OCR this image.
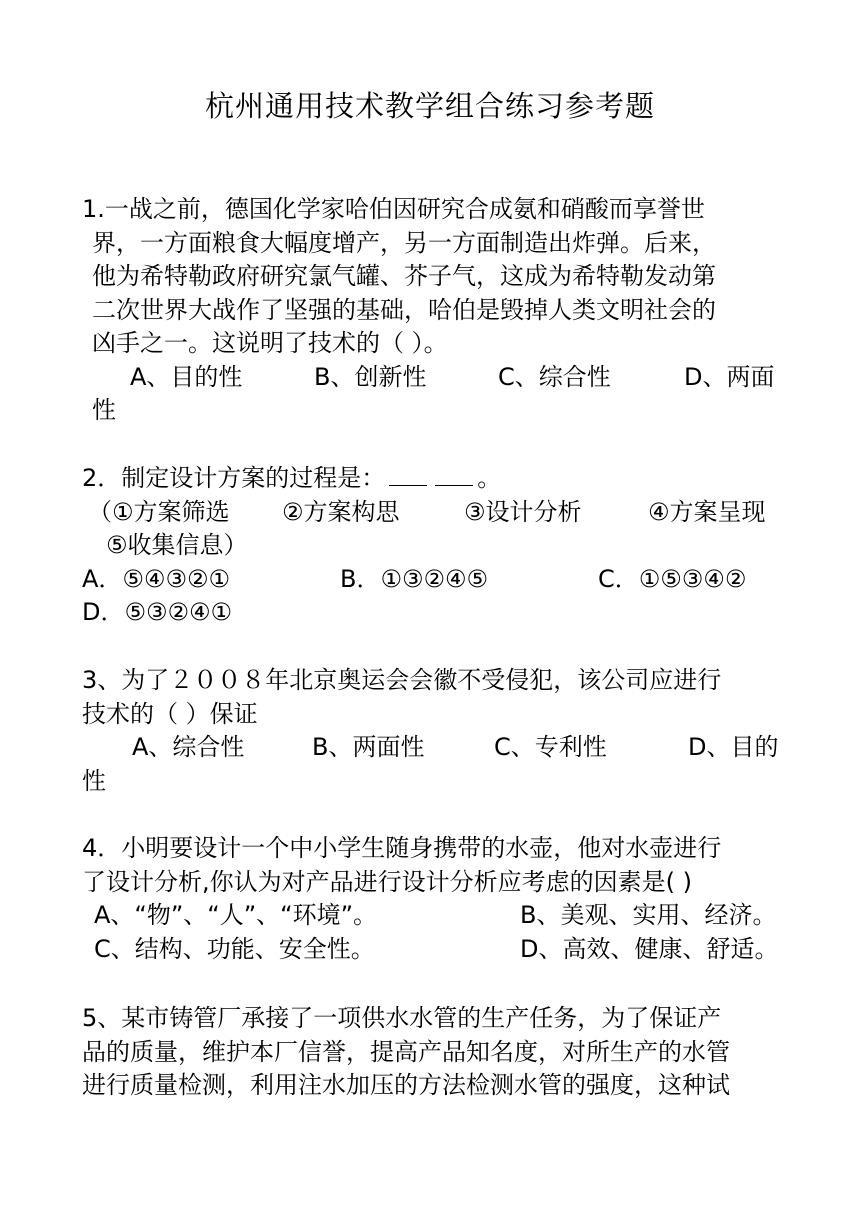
杭州通用技术教学组合练习参考题
1.一战之前，德国化学家哈伯因研究合成氨和硝酸而享誉世
界，一方面粮食大幅度增产，另一方面制造出炸弹。后来，
他为希特勒政府研究氯气罐、芥子气，这成为希特勒发动第
二次世界大战作了坚强的基础，哈伯是毁掉人类文明社会的
凶手之一。这说明了技术的（ ）。
A、目的性	B、创新性	C、综合性	D、两面
性
2．制定设计方案的过程是：	。
（①方案筛选 ②方案构思	③设计分析	④方案呈现
⑤收集信息）
A．⑤④③②①	B．①③②④⑤	C．①⑤③④②
D．⑤③②④①
3、为了２００８年北京奥运会会徽不受侵犯，该公司应进行
技术的（ ）保证
A、综合性	B、两面性	C、专利性	D、目的
性
4．小明要设计一个中小学生随身携带的水壶，他对水壶进行
了设计分析,你认为对产品进行设计分析应考虑的因素是( )
A、“物”、“人”、“环境”。	B、美观、实用、经济。
C、结构、功能、安全性。	D、高效、健康、舒适。
5、某市铸管厂承接了一项供水水管的生产任务，为了保证产
品的质量，维护本厂信誉，提高产品知名度，对所生产的水管
进行质量检测，利用注水加压的方法检测水管的强度，这种试
